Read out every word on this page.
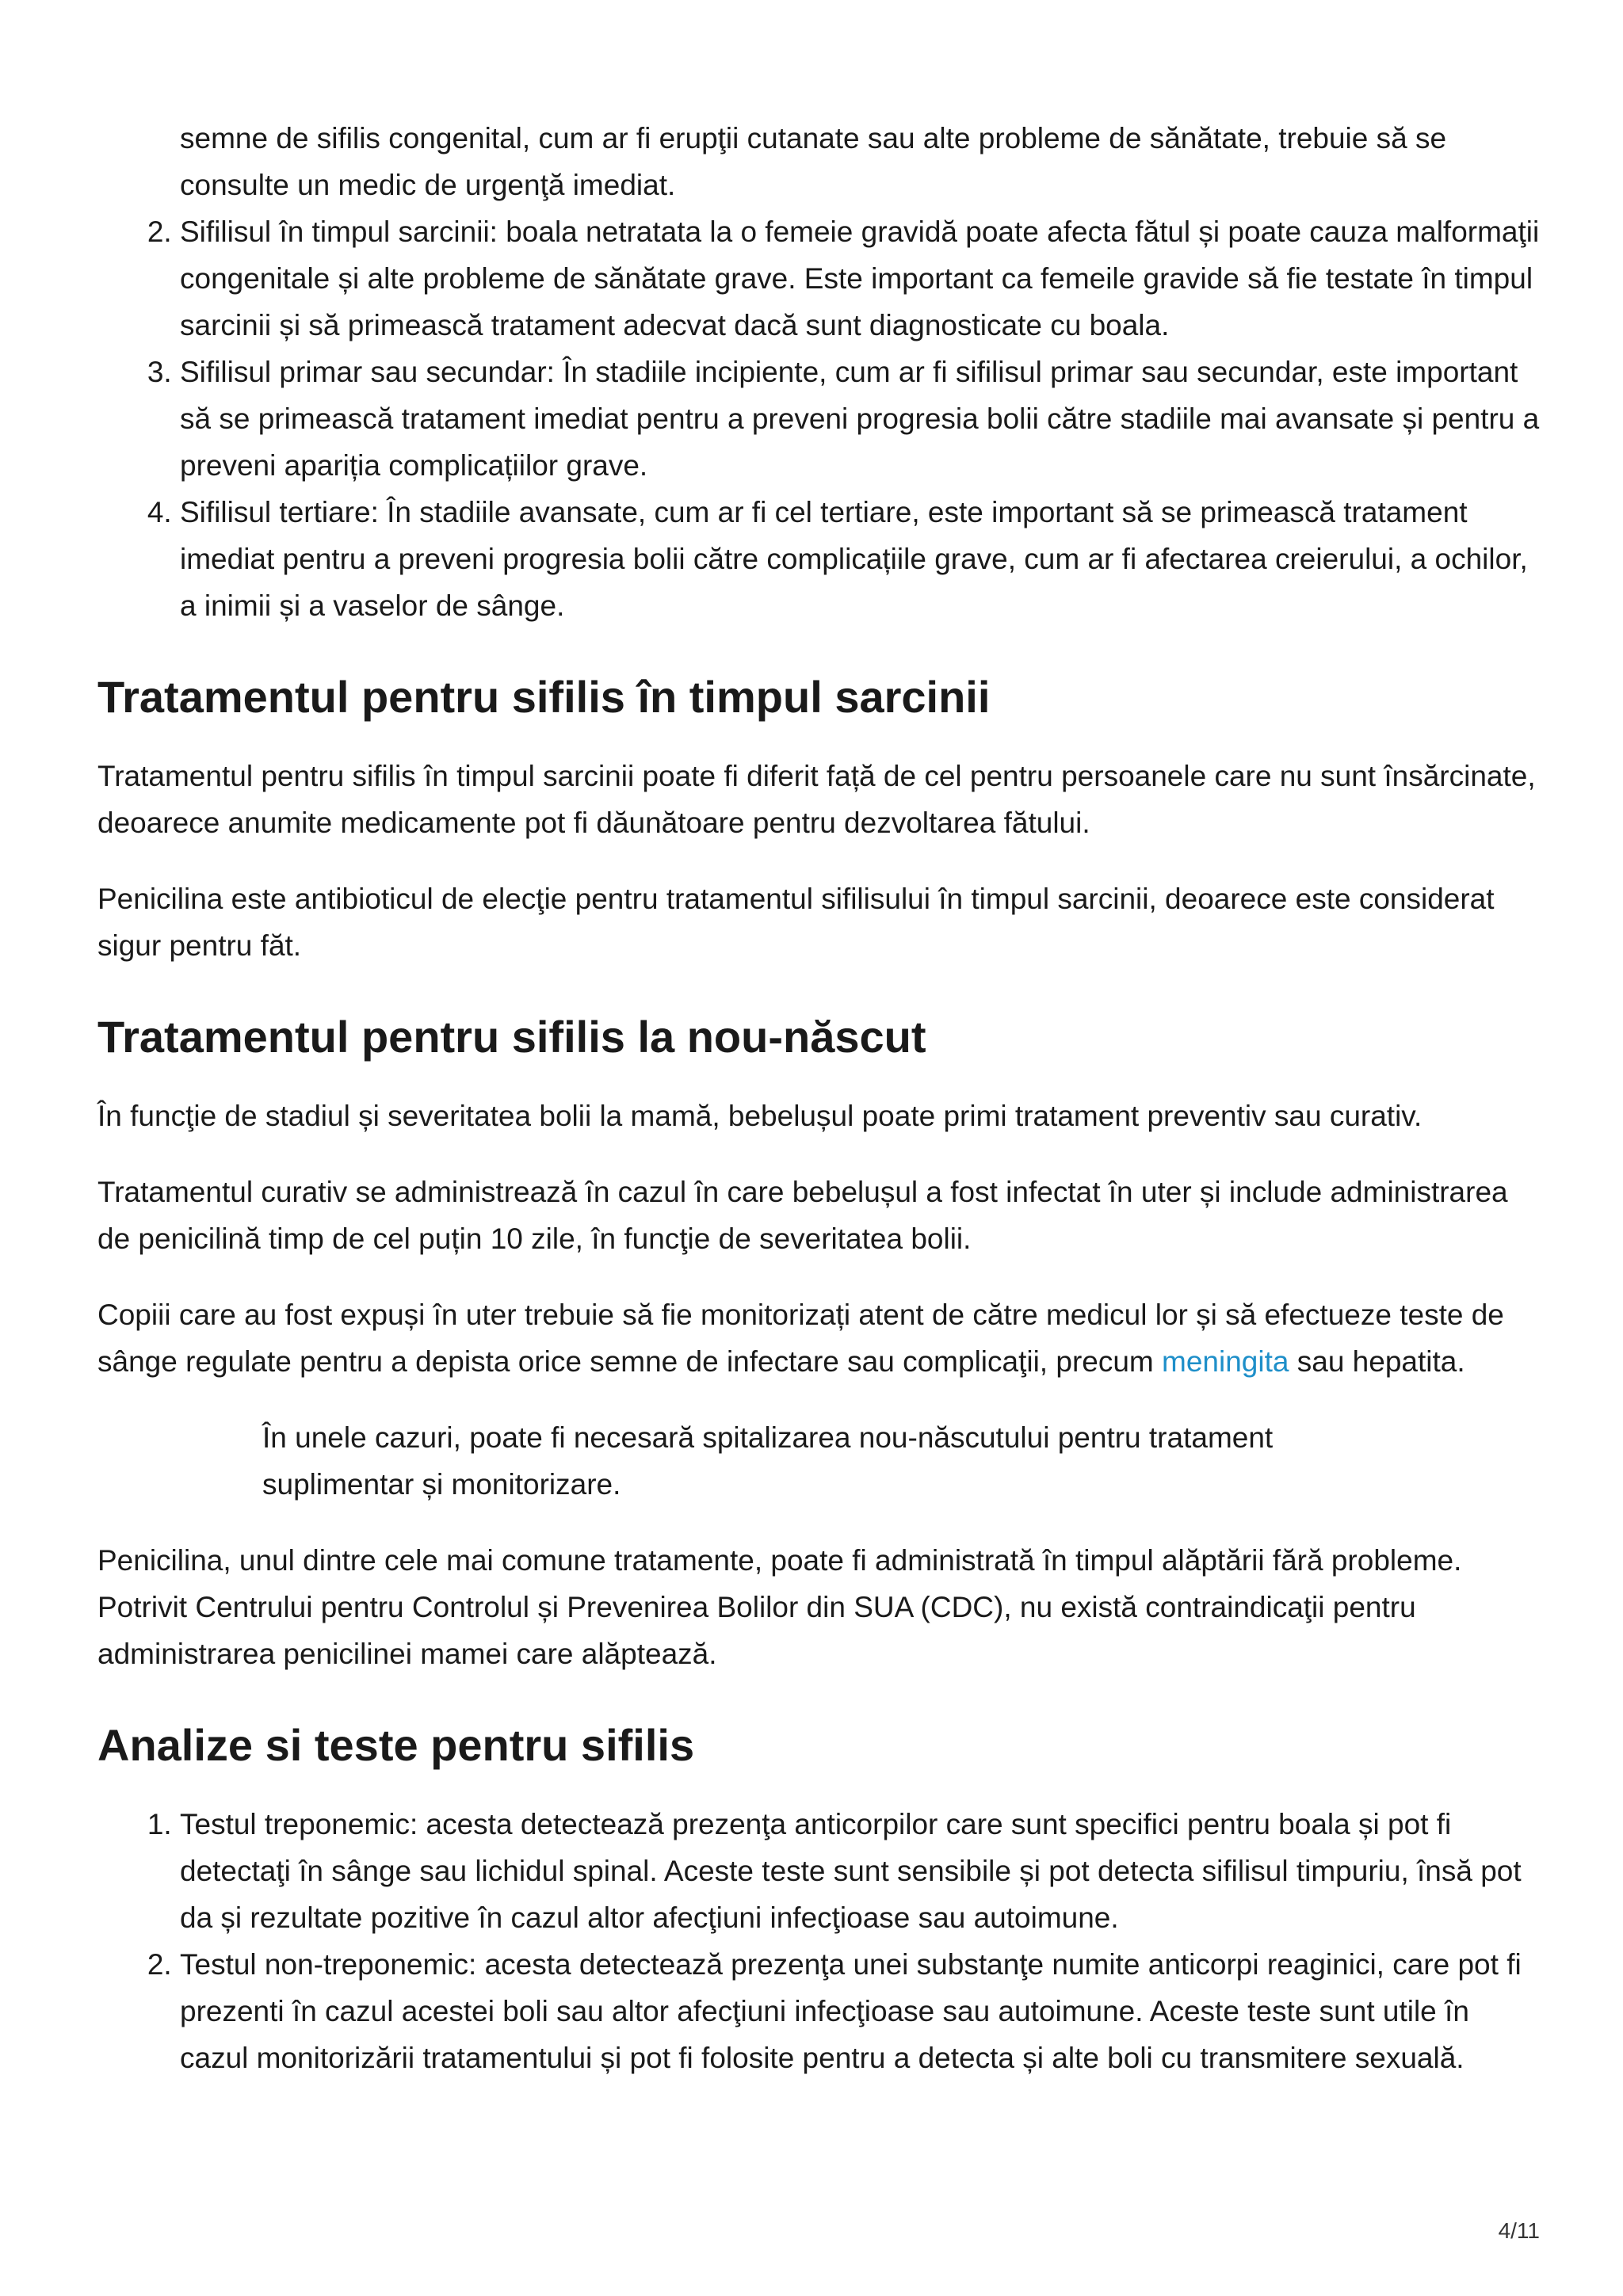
semne de sifilis congenital, cum ar fi erupţii cutanate sau alte probleme de sănătate, trebuie să se consulte un medic de urgenţă imediat.

2. Sifilisul în timpul sarcinii: boala netratata la o femeie gravidă poate afecta fătul și poate cauza malformaţii congenitale și alte probleme de sănătate grave. Este important ca femeile gravide să fie testate în timpul sarcinii și să primească tratament adecvat dacă sunt diagnosticate cu boala.
3. Sifilisul primar sau secundar: În stadiile incipiente, cum ar fi sifilisul primar sau secundar, este important să se primească tratament imediat pentru a preveni progresia bolii către stadiile mai avansate și pentru a preveni apariția complicațiilor grave.
4. Sifilisul tertiare: În stadiile avansate, cum ar fi cel tertiare, este important să se primească tratament imediat pentru a preveni progresia bolii către complicațiile grave, cum ar fi afectarea creierului, a ochilor, a inimii și a vaselor de sânge.
Tratamentul pentru sifilis în timpul sarcinii

Tratamentul pentru sifilis în timpul sarcinii poate fi diferit față de cel pentru persoanele care nu sunt însărcinate, deoarece anumite medicamente pot fi dăunătoare pentru dezvoltarea fătului.

Penicilina este antibioticul de elecţie pentru tratamentul sifilisului în timpul sarcinii, deoarece este considerat sigur pentru făt.

Tratamentul pentru sifilis la nou-născut

În funcţie de stadiul și severitatea bolii la mamă, bebelușul poate primi tratament preventiv sau curativ.

Tratamentul curativ se administrează în cazul în care bebelușul a fost infectat în uter și include administrarea de penicilină timp de cel puțin 10 zile, în funcţie de severitatea bolii.

Copiii care au fost expuși în uter trebuie să fie monitorizați atent de către medicul lor și să efectueze teste de sânge regulate pentru a depista orice semne de infectare sau complicaţii, precum meningita sau hepatita.

În unele cazuri, poate fi necesară spitalizarea nou-născutului pentru tratament suplimentar și monitorizare.

Penicilina, unul dintre cele mai comune tratamente, poate fi administrată în timpul alăptării fără probleme. Potrivit Centrului pentru Controlul și Prevenirea Bolilor din SUA (CDC), nu există contraindicaţii pentru administrarea penicilinei mamei care alăptează.

Analize si teste pentru sifilis
1. Testul treponemic: acesta detectează prezenţa anticorpilor care sunt specifici pentru boala și pot fi detectaţi în sânge sau lichidul spinal. Aceste teste sunt sensibile și pot detecta sifilisul timpuriu, însă pot da și rezultate pozitive în cazul altor afecţiuni infecţioase sau autoimune.
2. Testul non-treponemic: acesta detectează prezenţa unei substanţe numite anticorpi reaginici, care pot fi prezenti în cazul acestei boli sau altor afecţiuni infecţioase sau autoimune. Aceste teste sunt utile în cazul monitorizării tratamentului și pot fi folosite pentru a detecta și alte boli cu transmitere sexuală.
4/11
